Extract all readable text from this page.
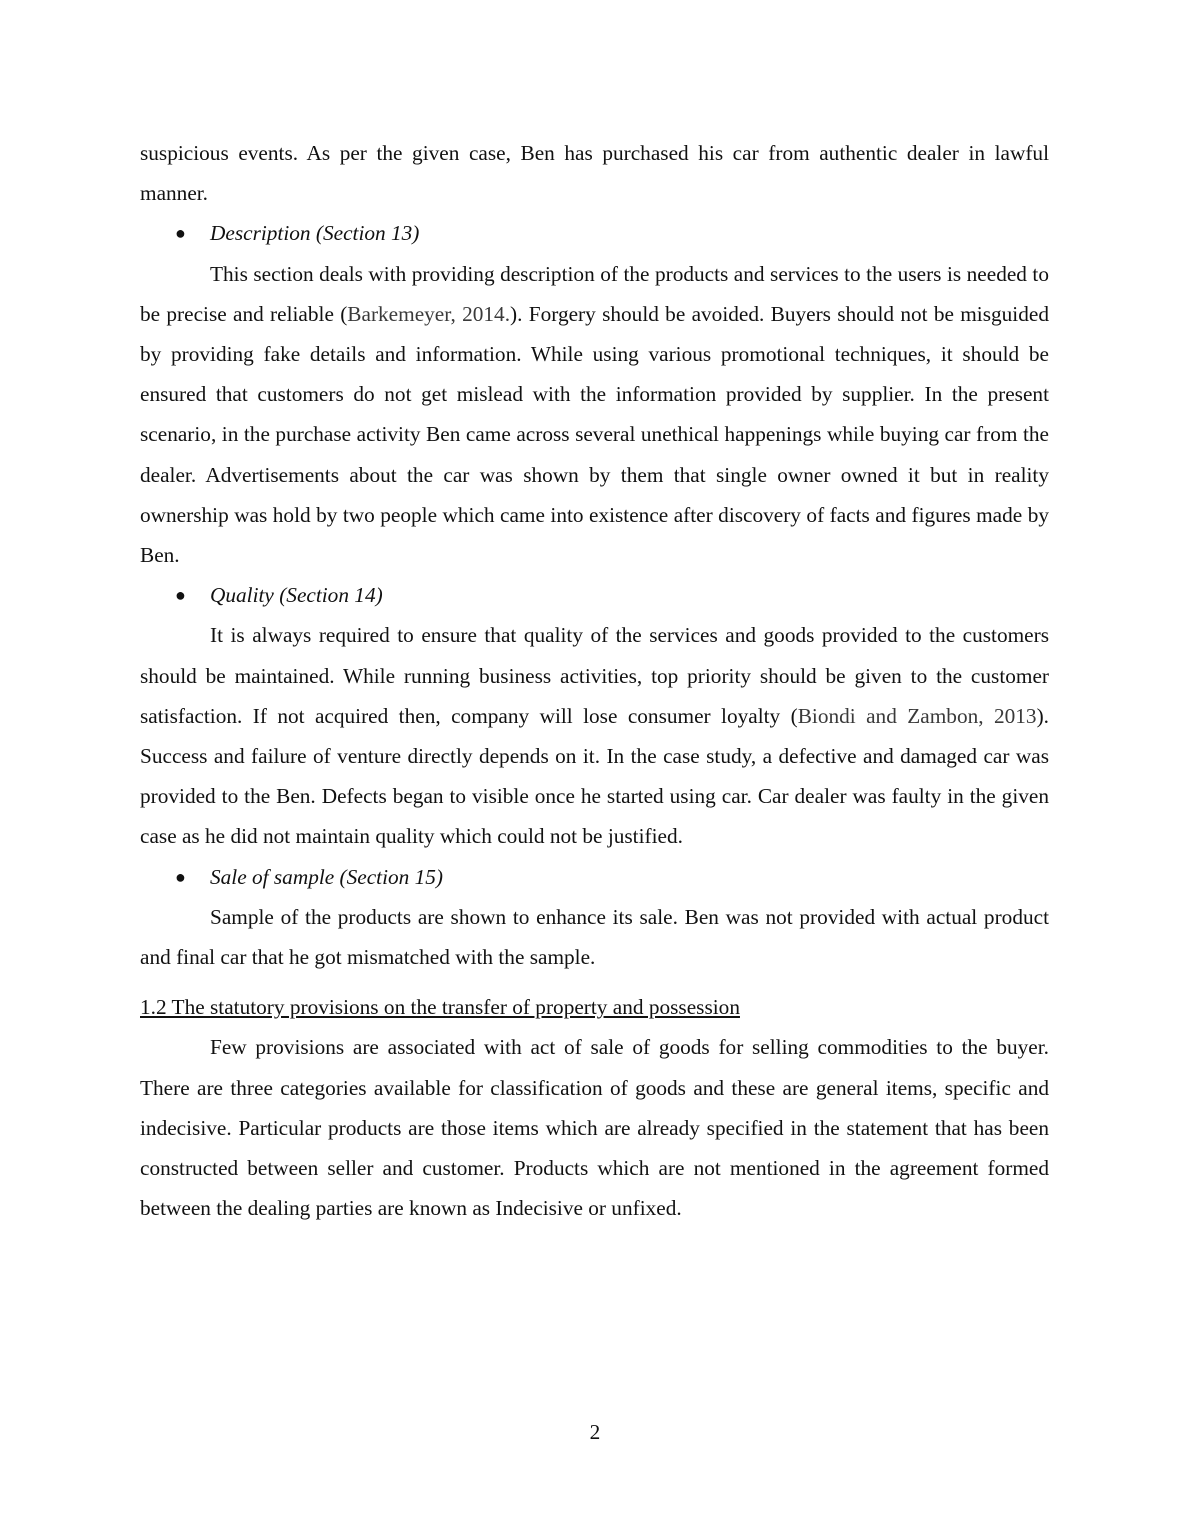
suspicious events. As per the given case, Ben has purchased his car from authentic dealer in lawful manner.

● Description (Section 13)

This section deals with providing description of the products and services to the users is needed to be precise and reliable (Barkemeyer, 2014.). Forgery should be avoided. Buyers should not be misguided by providing fake details and information. While using various promotional techniques, it should be ensured that customers do not get mislead with the information provided by supplier. In the present scenario, in the purchase activity Ben came across several unethical happenings while buying car from the dealer. Advertisements about the car was shown by them that single owner owned it but in reality ownership was hold by two people which came into existence after discovery of facts and figures made by Ben.

● Quality (Section 14)

It is always required to ensure that quality of the services and goods provided to the customers should be maintained. While running business activities, top priority should be given to the customer satisfaction. If not acquired then, company will lose consumer loyalty (Biondi and Zambon, 2013). Success and failure of venture directly depends on it. In the case study, a defective and damaged car was provided to the Ben. Defects began to visible once he started using car. Car dealer was faulty in the given case as he did not maintain quality which could not be justified.

● Sale of sample (Section 15)

Sample of the products are shown to enhance its sale. Ben was not provided with actual product and final car that he got mismatched with the sample.

1.2 The statutory provisions on the transfer of property and possession

Few provisions are associated with act of sale of goods for selling commodities to the buyer. There are three categories available for classification of goods and these are general items, specific and indecisive. Particular products are those items which are already specified in the statement that has been constructed between seller and customer. Products which are not mentioned in the agreement formed between the dealing parties are known as Indecisive or unfixed.

2
